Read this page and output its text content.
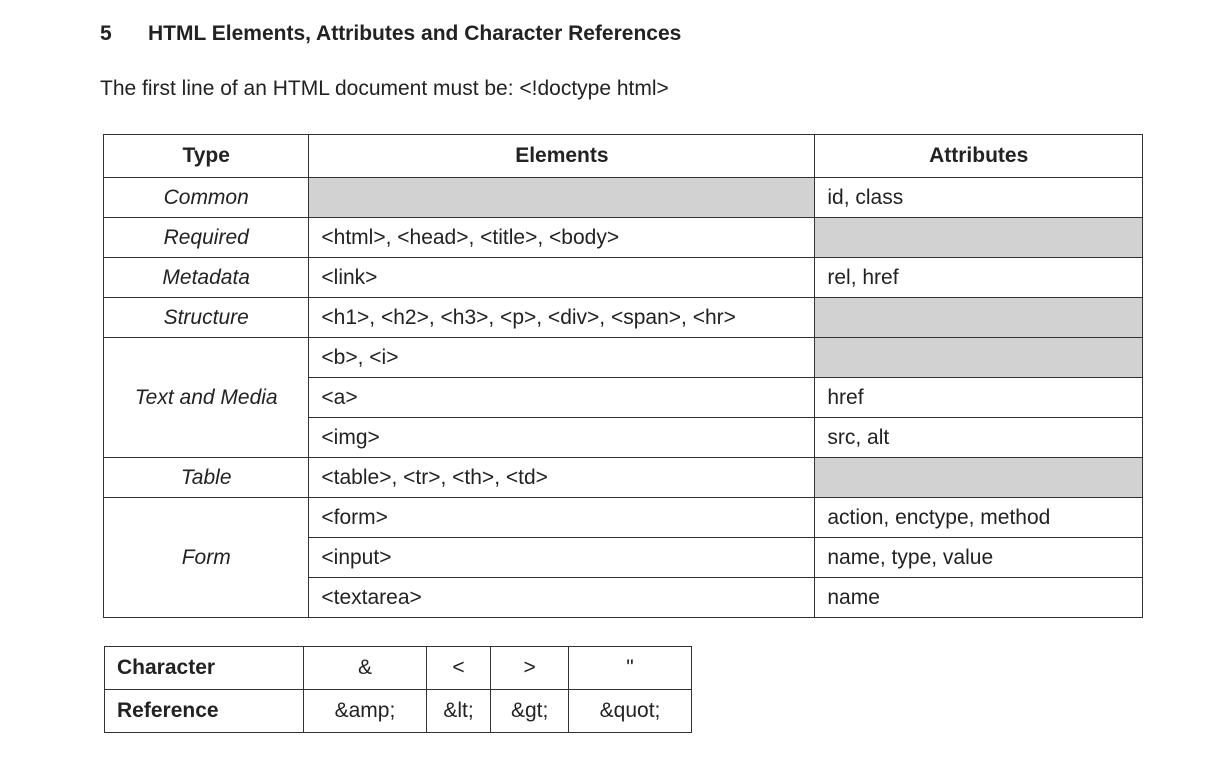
5 HTML Elements, Attributes and Character References
The first line of an HTML document must be: <!doctype html>
Type	Elements	Attributes
Common		id, class
Required	<html>, <head>, <title>, <body>	
Metadata	<link>	rel, href
Structure	<h1>, <h2>, <h3>, <p>, <div>, <span>, <hr>	
Text and Media	<b>, <i>	
	<a>	href
	<img>	src, alt
Table	<table>, <tr>, <th>, <td>	
Form	<form>	action, enctype, method
	<input>	name, type, value
	<textarea>	name
Character	&	<	>	"
Reference	&amp;	&lt;	&gt;	&quot;
